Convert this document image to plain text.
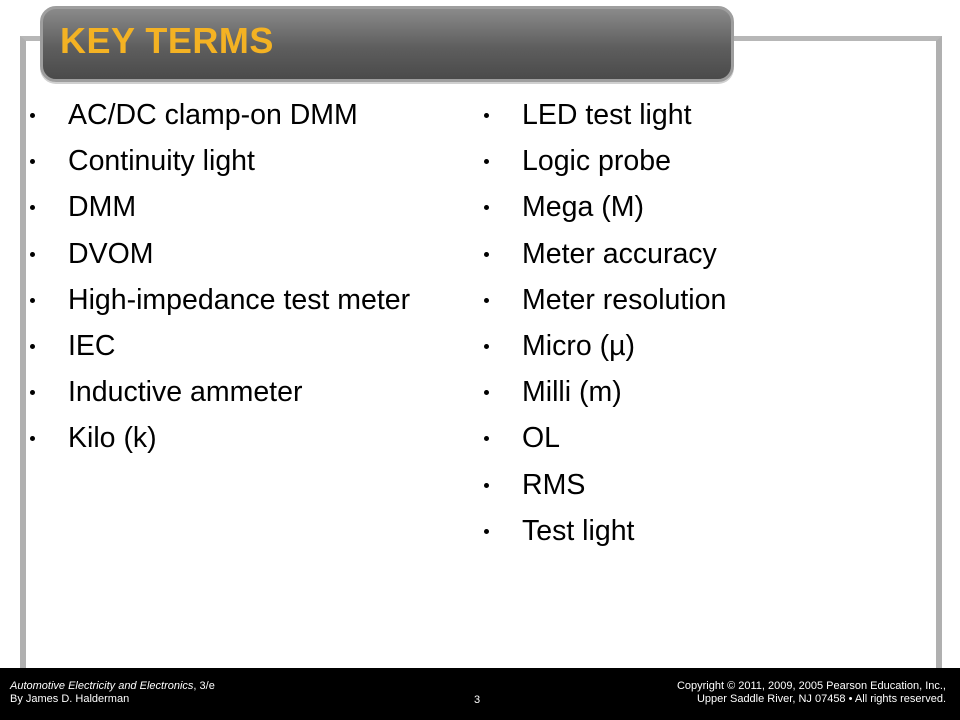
KEY TERMS
AC/DC clamp-on DMM
Continuity light
DMM
DVOM
High-impedance test meter
IEC
Inductive ammeter
Kilo (k)
LED test light
Logic probe
Mega (M)
Meter accuracy
Meter resolution
Micro (µ)
Milli (m)
OL
RMS
Test light
Automotive Electricity and Electronics, 3/e
By James D. Halderman	3
Copyright © 2011, 2009, 2005 Pearson Education, Inc.,
Upper Saddle River, NJ 07458 • All rights reserved.
